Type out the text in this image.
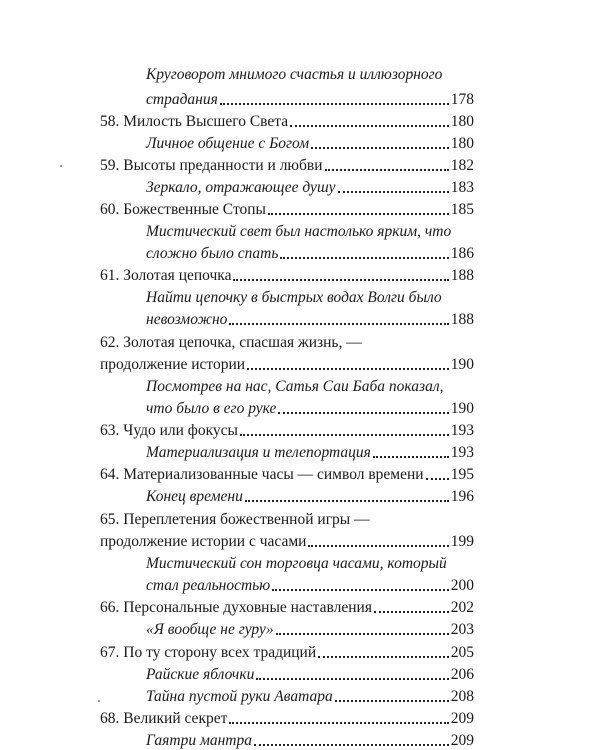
Круговорот мнимого счастья и иллюзорного
страдания	178
58. Милость Высшего Света	180
Личное общение с Богом	180
59. Высоты преданности и любви	182
Зеркало, отражающее душу	183
60. Божественные Стопы	185
Мистический свет был настолько ярким, что
сложно было спать	186
61. Золотая цепочка	188
Найти цепочку в быстрых водах Волги было
невозможно	188
62. Золотая цепочка, спасшая жизнь, —
продолжение истории	190
Посмотрев на нас, Сатья Саи Баба показал,
что было в его руке	190
63. Чудо или фокусы	193
Материализация и телепортация	193
64. Материализованные часы — символ времени 195
Конец времени	196
65. Переплетения божественной игры —
продолжение истории с часами	199
Мистический сон торговца часами, который
стал реальностью	200
66. Персональные духовные наставления	202
«Я вообще не гуру»	203
67. По ту сторону всех традиций	205
Райские яблочки	206
Тайна пустой руки Аватара	208
68. Великий секрет	209
Гаятри мантра	209
